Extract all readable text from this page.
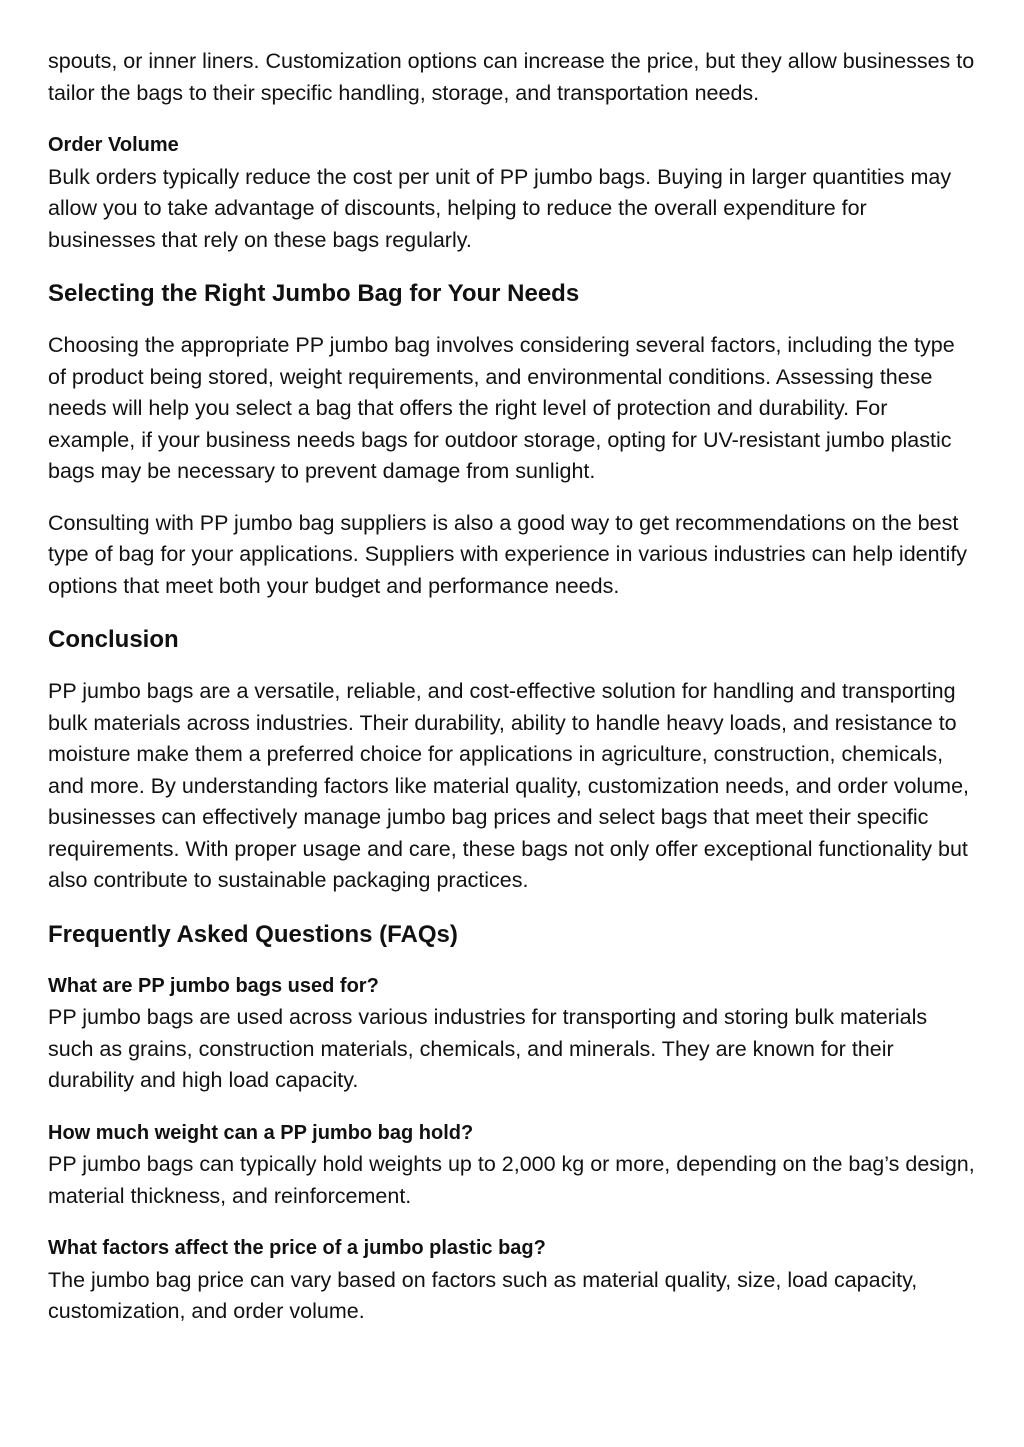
spouts, or inner liners. Customization options can increase the price, but they allow businesses to tailor the bags to their specific handling, storage, and transportation needs.

Order Volume

Bulk orders typically reduce the cost per unit of PP jumbo bags. Buying in larger quantities may allow you to take advantage of discounts, helping to reduce the overall expenditure for businesses that rely on these bags regularly.

Selecting the Right Jumbo Bag for Your Needs

Choosing the appropriate PP jumbo bag involves considering several factors, including the type of product being stored, weight requirements, and environmental conditions. Assessing these needs will help you select a bag that offers the right level of protection and durability. For example, if your business needs bags for outdoor storage, opting for UV-resistant jumbo plastic bags may be necessary to prevent damage from sunlight.

Consulting with PP jumbo bag suppliers is also a good way to get recommendations on the best type of bag for your applications. Suppliers with experience in various industries can help identify options that meet both your budget and performance needs.

Conclusion

PP jumbo bags are a versatile, reliable, and cost-effective solution for handling and transporting bulk materials across industries. Their durability, ability to handle heavy loads, and resistance to moisture make them a preferred choice for applications in agriculture, construction, chemicals, and more. By understanding factors like material quality, customization needs, and order volume, businesses can effectively manage jumbo bag prices and select bags that meet their specific requirements. With proper usage and care, these bags not only offer exceptional functionality but also contribute to sustainable packaging practices.

Frequently Asked Questions (FAQs)
What are PP jumbo bags used for?

PP jumbo bags are used across various industries for transporting and storing bulk materials such as grains, construction materials, chemicals, and minerals. They are known for their durability and high load capacity.

How much weight can a PP jumbo bag hold?

PP jumbo bags can typically hold weights up to 2,000 kg or more, depending on the bag’s design, material thickness, and reinforcement.

What factors affect the price of a jumbo plastic bag?

The jumbo bag price can vary based on factors such as material quality, size, load capacity, customization, and order volume.
